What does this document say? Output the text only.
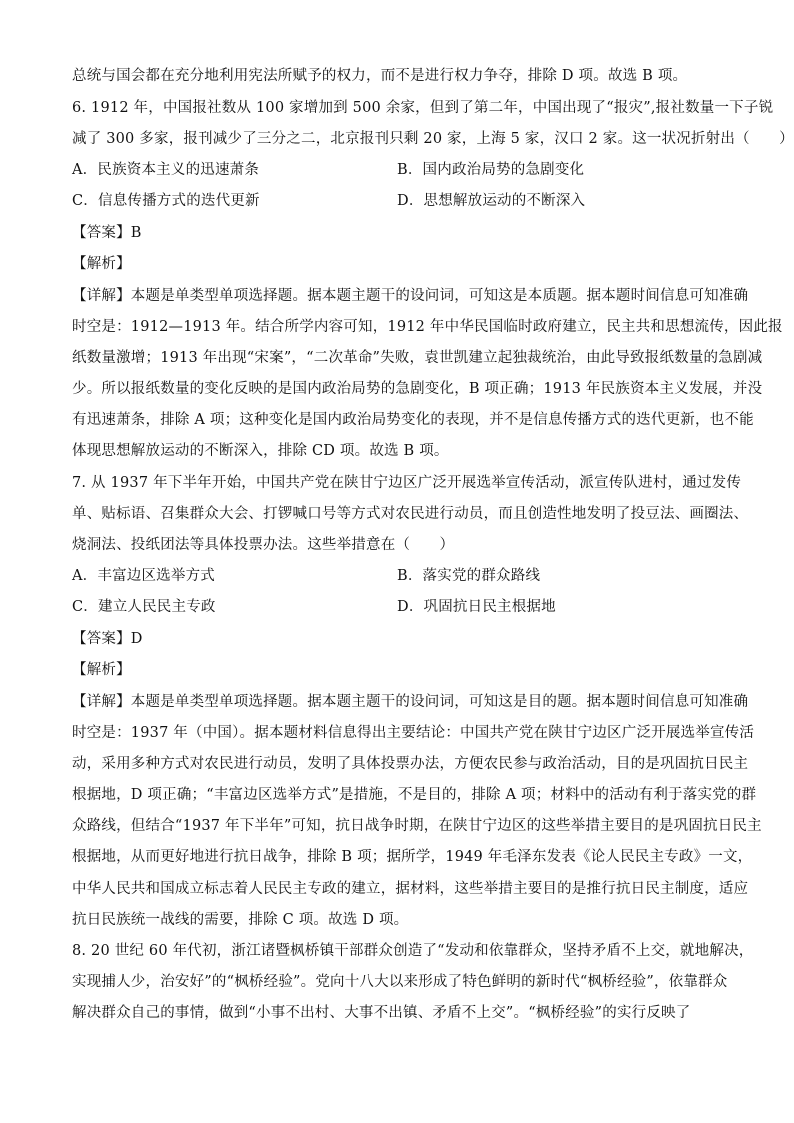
总统与国会都在充分地利用宪法所赋予的权力，而不是进行权力争夺，排除 D 项。故选 B 项。
6. 1912 年，中国报社数从 100 家增加到 500 余家，但到了第二年，中国出现了“报灾”,报社数量一下子锐
减了 300 多家，报刊减少了三分之二，北京报刊只剩 20 家，上海 5 家，汉口 2 家。这一状况折射出（　　）
A．民族资本主义的迅速萧条	B．国内政治局势的急剧变化
C．信息传播方式的迭代更新	D．思想解放运动的不断深入
【答案】B
【解析】
【详解】本题是单类型单项选择题。据本题主题干的设问词，可知这是本质题。据本题时间信息可知准确
时空是：1912—1913 年。结合所学内容可知，1912 年中华民国临时政府建立，民主共和思想流传，因此报
纸数量激增；1913 年出现“宋案”，“二次革命”失败，袁世凯建立起独裁统治，由此导致报纸数量的急剧减
少。所以报纸数量的变化反映的是国内政治局势的急剧变化，B 项正确；1913 年民族资本主义发展，并没
有迅速萧条，排除 A 项；这种变化是国内政治局势变化的表现，并不是信息传播方式的迭代更新，也不能
体现思想解放运动的不断深入，排除 CD 项。故选 B 项。
7. 从 1937 年下半年开始，中国共产党在陕甘宁边区广泛开展选举宣传活动，派宣传队进村，通过发传
单、贴标语、召集群众大会、打锣喊口号等方式对农民进行动员，而且创造性地发明了投豆法、画圈法、
烧洞法、投纸团法等具体投票办法。这些举措意在（　　）
A．丰富边区选举方式	B．落实党的群众路线
C．建立人民民主专政	D．巩固抗日民主根据地
【答案】D
【解析】
【详解】本题是单类型单项选择题。据本题主题干的设问词，可知这是目的题。据本题时间信息可知准确
时空是：1937 年（中国）。据本题材料信息得出主要结论：中国共产党在陕甘宁边区广泛开展选举宣传活
动，采用多种方式对农民进行动员，发明了具体投票办法，方便农民参与政治活动，目的是巩固抗日民主
根据地，D 项正确；“丰富边区选举方式”是措施，不是目的，排除 A 项；材料中的活动有利于落实党的群
众路线，但结合“1937 年下半年”可知，抗日战争时期，在陕甘宁边区的这些举措主要目的是巩固抗日民主
根据地，从而更好地进行抗日战争，排除 B 项；据所学，1949 年毛泽东发表《论人民民主专政》一文，
中华人民共和国成立标志着人民民主专政的建立，据材料，这些举措主要目的是推行抗日民主制度，适应
抗日民族统一战线的需要，排除 C 项。故选 D 项。
8. 20 世纪 60 年代初，浙江诸暨枫桥镇干部群众创造了“发动和依靠群众，坚持矛盾不上交，就地解决，
实现捕人少，治安好”的“枫桥经验”。党向十八大以来形成了特色鲜明的新时代“枫桥经验”，依靠群众
解决群众自己的事情，做到“小事不出村、大事不出镇、矛盾不上交”。“枫桥经验”的实行反映了
